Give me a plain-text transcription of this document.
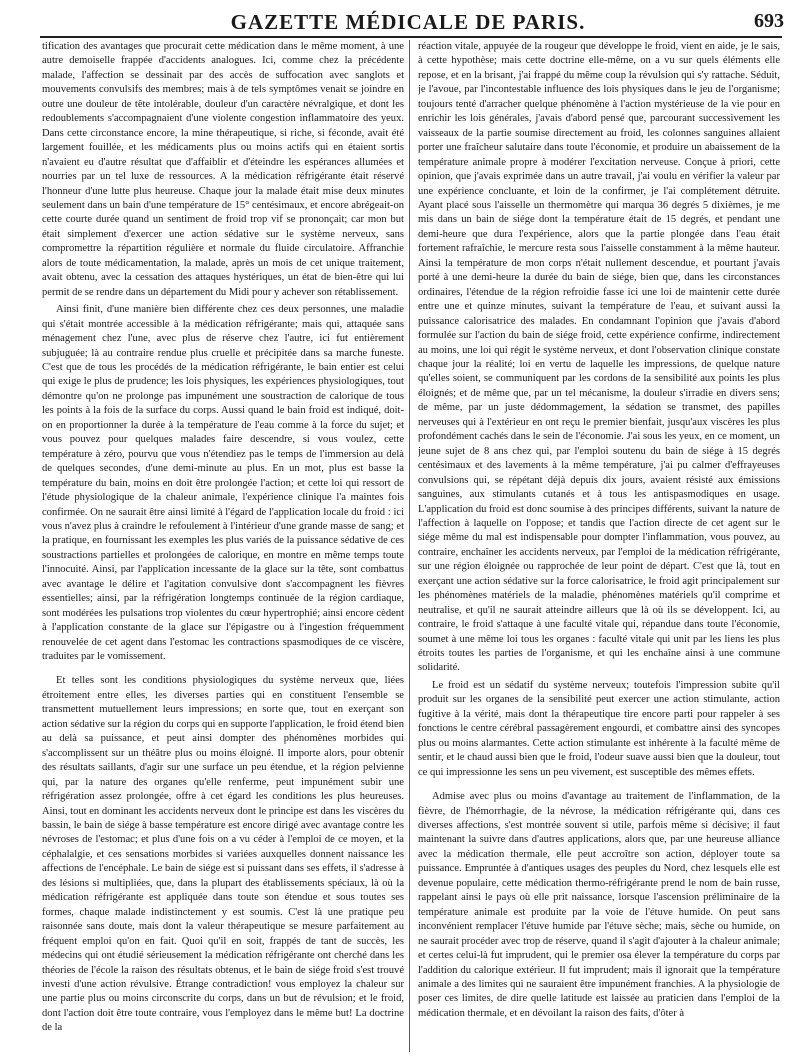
GAZETTE MÉDICALE DE PARIS.	693

tification des avantages que procurait cette médication dans le même moment, à une autre demoiselle frappée d'accidents analogues. Ici, comme chez la précédente malade, l'affection se dessinait par des accès de suffocation avec sanglots et mouvements convulsifs des membres; mais à de tels symptômes venait se joindre en outre une douleur de tête intolérable, douleur d'un caractère névralgique, et dont les redoublements s'accompagnaient d'une violente congestion inflammatoire des yeux. Dans cette circonstance encore, la mine thérapeutique, si riche, si féconde, avait été largement fouillée, et les médicaments plus ou moins actifs qui en étaient sortis n'avaient eu d'autre résultat que d'affaiblir et d'éteindre les espérances allumées et nourries par un tel luxe de ressources. A la médication réfrigérante était réservé l'honneur d'une lutte plus heureuse. Chaque jour la malade était mise deux minutes seulement dans un bain d'une température de 15° centésimaux, et encore abrégeait-on cette courte durée quand un sentiment de froid trop vif se prononçait; car mon but était simplement d'exercer une action sédative sur le système nerveux, sans compromettre la répartition régulière et normale du fluide circulatoire. Affranchie alors de toute médicamentation, la malade, après un mois de cet unique traitement, avait obtenu, avec la cessation des attaques hystériques, un état de bien-être qui lui permit de se rendre dans un département du Midi pour y achever son rétablissement.

Ainsi finit, d'une manière bien différente chez ces deux personnes, une maladie qui s'était montrée accessible à la médication réfrigérante; mais qui, attaquée sans ménagement chez l'une, avec plus de réserve chez l'autre, ici fut entièrement subjuguée; là au contraire rendue plus cruelle et précipitée dans sa marche funeste. C'est que de tous les procédés de la médication réfrigérante, le bain entier est celui qui exige le plus de prudence; les lois physiques, les expériences physiologiques, tout démontre qu'on ne prolonge pas impunément une soustraction de calorique de tous les points à la fois de la surface du corps. Aussi quand le bain froid est indiqué, doit-on en proportionner la durée à la température de l'eau comme à la force du sujet; et vous pouvez pour quelques malades faire descendre, si vous voulez, cette température à zéro, pourvu que vous n'étendiez pas le temps de l'immersion au delà de quelques secondes, d'une demi-minute au plus. En un mot, plus est basse la température du bain, moins en doit être prolongée l'action; et cette loi qui ressort de l'étude physiologique de la chaleur animale, l'expérience clinique l'a maintes fois confirmée. On ne saurait être ainsi limité à l'égard de l'application locale du froid : ici vous n'avez plus à craindre le refoulement à l'intérieur d'une grande masse de sang; et la pratique, en fournissant les exemples les plus variés de la puissance sédative de ces soustractions partielles et prolongées de calorique, en montre en même temps toute l'innocuité. Ainsi, par l'application incessante de la glace sur la tête, sont combattus avec avantage le délire et l'agitation convulsive dont s'accompagnent les fièvres essentielles; ainsi, par la réfrigération longtemps continuée de la région cardiaque, sont modérées les pulsations trop violentes du cœur hypertrophié; ainsi encore cèdent à l'application constante de la glace sur l'épigastre ou à l'ingestion fréquemment renouvelée de cet agent dans l'estomac les contractions spasmodiques de ce viscère, traduites par le vomissement.

Et telles sont les conditions physiologiques du système nerveux que, liées étroitement entre elles, les diverses parties qui en constituent l'ensemble se transmettent mutuellement leurs impressions; en sorte que, tout en exerçant son action sédative sur la région du corps qui en supporte l'application, le froid étend bien au delà sa puissance, et peut ainsi dompter des phénomènes morbides qui s'accomplissent sur un théâtre plus ou moins éloigné. Il importe alors, pour obtenir des résultats saillants, d'agir sur une surface un peu étendue, et la région pelvienne qui, par la nature des organes qu'elle renferme, peut impunément subir une réfrigération assez prolongée, offre à cet égard les conditions les plus heureuses. Ainsi, tout en dominant les accidents nerveux dont le principe est dans les viscères du bassin, le bain de siége à basse température est encore dirigé avec avantage contre les névroses de l'estomac; et plus d'une fois on a vu céder à l'emploi de ce moyen, et la céphalalgie, et ces sensations morbides si variées auxquelles donnent naissance les affections de l'encéphale. Le bain de siége est si puissant dans ses effets, il s'adresse à des lésions si multipliées, que, dans la plupart des établissements spéciaux, là où la médication réfrigérante est appliquée dans toute son étendue et sous toutes ses formes, chaque malade indistinctement y est soumis. C'est là une pratique peu raisonnée sans doute, mais dont la valeur thérapeutique se mesure parfaitement au fréquent emploi qu'on en fait. Quoi qu'il en soit, frappés de tant de succès, les médecins qui ont étudié sérieusement la médication réfrigérante ont cherché dans les théories de l'école la raison des résultats obtenus, et le bain de siége froid s'est trouvé investi d'une action révulsive. Étrange contradiction! vous employez la chaleur sur une partie plus ou moins circonscrite du corps, dans un but de révulsion; et le froid, dont l'action doit être toute contraire, vous l'employez dans le même but! La doctrine de la

réaction vitale, appuyée de la rougeur que développe le froid, vient en aide, je le sais, à cette hypothèse; mais cette doctrine elle-même, on a vu sur quels éléments elle repose, et en la brisant, j'ai frappé du même coup la révulsion qui s'y rattache. Séduit, je l'avoue, par l'incontestable influence des lois physiques dans le jeu de l'organisme; toujours tenté d'arracher quelque phénomène à l'action mystérieuse de la vie pour en enrichir les lois générales, j'avais d'abord pensé que, parcourant successivement les vaisseaux de la partie soumise directement au froid, les colonnes sanguines allaient porter une fraîcheur salutaire dans toute l'économie, et produire un abaissement de la température animale propre à modérer l'excitation nerveuse. Conçue à priori, cette opinion, que j'avais exprimée dans un autre travail, j'ai voulu en vérifier la valeur par une expérience concluante, et loin de la confirmer, je l'ai complétement détruite. Ayant placé sous l'aisselle un thermomètre qui marqua 36 degrés 5 dixièmes, je me mis dans un bain de siége dont la température était de 15 degrés, et pendant une demi-heure que dura l'expérience, alors que la partie plongée dans l'eau était fortement rafraîchie, le mercure resta sous l'aisselle constamment à la même hauteur. Ainsi la température de mon corps n'était nullement descendue, et pourtant j'avais porté à une demi-heure la durée du bain de siége, bien que, dans les circonstances ordinaires, l'étendue de la région refroidie fasse ici une loi de maintenir cette durée entre une et quinze minutes, suivant la température de l'eau, et suivant aussi la puissance calorisatrice des malades. En condamnant l'opinion que j'avais d'abord formulée sur l'action du bain de siége froid, cette expérience confirme, indirectement au moins, une loi qui régit le système nerveux, et dont l'observation clinique constate chaque jour la réalité; loi en vertu de laquelle les impressions, de quelque nature qu'elles soient, se communiquent par les cordons de la sensibilité aux points les plus éloignés; et de même que, par un tel mécanisme, la douleur s'irradie en divers sens; de même, par un juste dédommagement, la sédation se transmet, des papilles nerveuses qui à l'extérieur en ont reçu le premier bienfait, jusqu'aux viscères les plus profondément cachés dans le sein de l'économie. J'ai sous les yeux, en ce moment, un jeune sujet de 8 ans chez qui, par l'emploi soutenu du bain de siége à 15 degrés centésimaux et des lavements à la même température, j'ai pu calmer d'effrayeuses convulsions qui, se répétant déjà depuis dix jours, avaient résisté aux émissions sanguines, aux stimulants cutanés et à tous les antispasmodiques en usage. L'application du froid est donc soumise à des principes différents, suivant la nature de l'affection à laquelle on l'oppose; et tandis que l'action directe de cet agent sur le siége même du mal est indispensable pour dompter l'inflammation, vous pouvez, au contraire, enchaîner les accidents nerveux, par l'emploi de la médication réfrigérante, sur une région éloignée ou rapprochée de leur point de départ. C'est que là, tout en exerçant une action sédative sur la force calorisatrice, le froid agit principalement sur les phénomènes matériels de la maladie, phénomènes matériels qu'il comprime et neutralise, et qu'il ne saurait atteindre ailleurs que là où ils se développent. Ici, au contraire, le froid s'attaque à une faculté vitale qui, répandue dans toute l'économie, soumet à une même loi tous les organes : faculté vitale qui unit par les liens les plus étroits toutes les parties de l'organisme, et qui les enchaîne ainsi à une commune solidarité.

Le froid est un sédatif du système nerveux; toutefois l'impression subite qu'il produit sur les organes de la sensibilité peut exercer une action stimulante, action fugitive à la vérité, mais dont la thérapeutique tire encore parti pour rappeler à ses fonctions le centre cérébral passagèrement engourdi, et combattre ainsi des syncopes plus ou moins alarmantes. Cette action stimulante est inhérente à la faculté même de sentir, et le chaud aussi bien que le froid, l'odeur suave aussi bien que la douleur, tout ce qui impressionne les sens un peu vivement, est susceptible des mêmes effets.

Admise avec plus ou moins d'avantage au traitement de l'inflammation, de la fièvre, de l'hémorrhagie, de la névrose, la médication réfrigérante qui, dans ces diverses affections, s'est montrée souvent si utile, parfois même si décisive; il faut maintenant la suivre dans d'autres applications, alors que, par une heureuse alliance avec la médication thermale, elle peut accroître son action, déployer toute sa puissance. Empruntée à d'antiques usages des peuples du Nord, chez lesquels elle est devenue populaire, cette médication thermo-réfrigérante prend le nom de bain russe, rappelant ainsi le pays où elle prit naissance, lorsque l'ascension préliminaire de la température animale est produite par la voie de l'étuve humide. On peut sans inconvénient remplacer l'étuve humide par l'étuve sèche; mais, sèche ou humide, on ne saurait procéder avec trop de réserve, quand il s'agit d'ajouter à la chaleur animale; et certes celui-là fut imprudent, qui le premier osa élever la température du corps par l'addition du calorique extérieur. Il fut imprudent; mais il ignorait que la température animale a des limites qui ne sauraient être impunément franchies. A la physiologie de poser ces limites, de dire quelle latitude est laissée au praticien dans l'emploi de la médication thermale, et en dévoilant la raison des faits, d'ôter à
